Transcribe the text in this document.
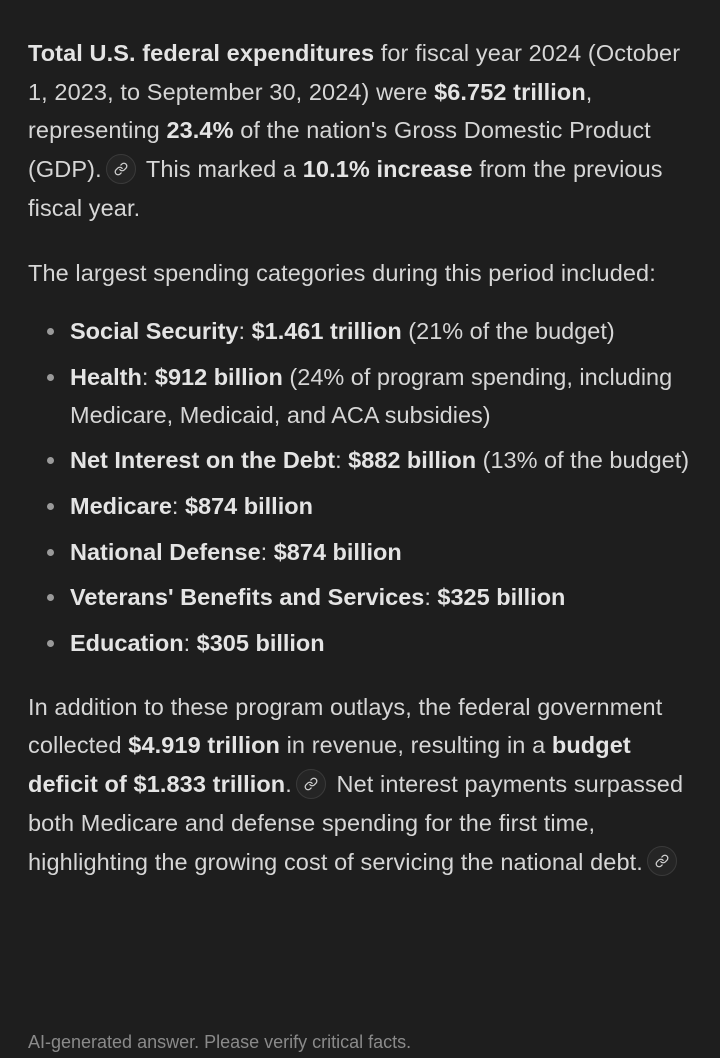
Total U.S. federal expenditures for fiscal year 2024 (October 1, 2023, to September 30, 2024) were $6.752 trillion, representing 23.4% of the nation's Gross Domestic Product (GDP).
This marked a 10.1% increase from the previous fiscal year.

The largest spending categories during this period included:

Social Security: $1.461 trillion (21% of the budget)
Health: $912 billion (24% of program spending, including Medicare, Medicaid, and ACA subsidies)
Net Interest on the Debt: $882 billion (13% of the budget)
Medicare: $874 billion
National Defense: $874 billion
Veterans' Benefits and Services: $325 billion
Education: $305 billion

In addition to these program outlays, the federal government collected $4.919 trillion in revenue, resulting in a budget deficit of $1.833 trillion.
Net interest payments surpassed both Medicare and defense spending for the first time, highlighting the growing cost of servicing the national debt.

AI-generated answer. Please verify critical facts.
